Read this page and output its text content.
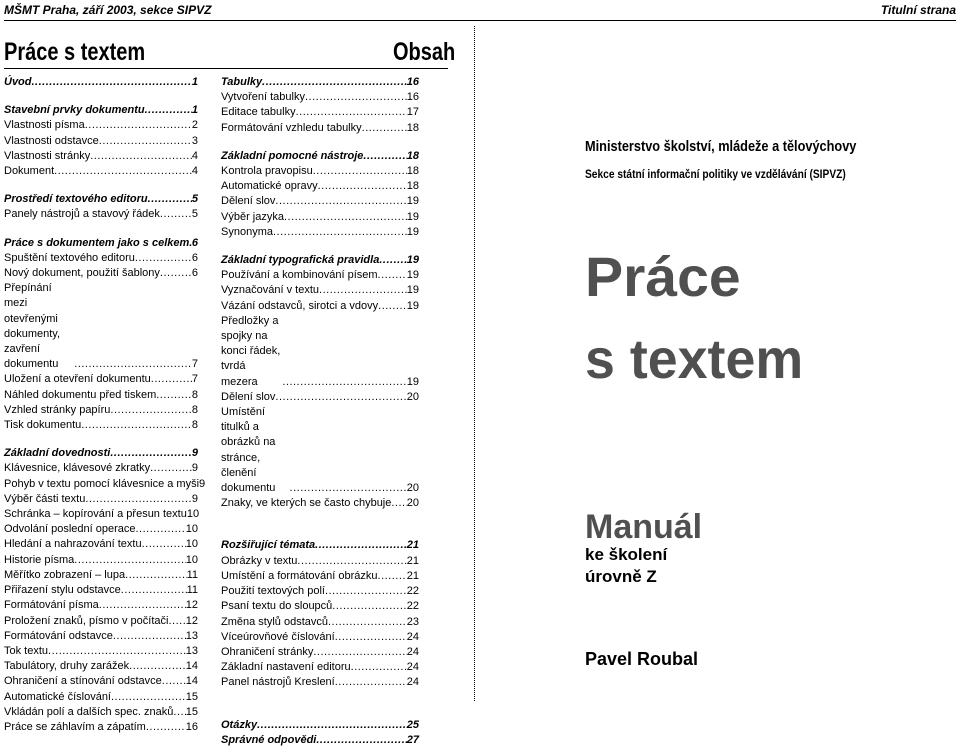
MŠMT Praha, září 2003, sekce SIPVZ	Titulní strana
Práce s textem	Obsah
Úvod .....	1
Stavební prvky dokumentu .....	1
Vlastnosti písma .....	2
Vlastnosti odstavce .....	3
Vlastnosti stránky .....	4
Dokument .....	4
Prostředí textového editoru .....	5
Panely nástrojů a stavový řádek .....	5
Práce s dokumentem jako s celkem ..... 6
Spuštění textového editoru .....	6
Nový dokument, použití šablony .....	6
Přepínání mezi otevřenými dokumenty, zavření dokumentu .....	7
Uložení a otevření dokumentu .....	7
Náhled dokumentu před tiskem .....	8
Vzhled stránky papíru .....	8
Tisk dokumentu .....	8
Základní dovednosti .....	9
Klávesnice, klávesové zkratky .....	9
Pohyb v textu pomocí klávesnice a myši 9
Výběr části textu .....	9
Schránka – kopírování a přesun textu 10
Odvolání poslední operace .....	10
Hledání a nahrazování textu .....	10
Historie písma .....	10
Měřítko zobrazení – lupa .....	11
Přiřazení stylu odstavce .....	11
Formátování písma .....	12
Proložení znaků, písmo v počítači ..... 12
Formátování odstavce .....	13
Tok textu .....	13
Tabulátory, druhy zarážek .....	14
Ohraničení a stínování odstavce ..... 14
Automatické číslování .....	15
Vkládán polí a dalších spec. znaků ..... 15
Práce se záhlavím a zápatím .....	16
Tabulky .....	16
Vytvoření tabulky .....	16
Editace tabulky .....	17
Formátování vzhledu tabulky .....	18
Základní pomocné nástroje .....	18
Kontrola pravopisu .....	18
Automatické opravy .....	18
Dělení slov .....	19
Výběr jazyka .....	19
Synonyma .....	19
Základní typografická pravidla ..... 19
Používání a kombinování písem .....	19
Vyznačování v textu .....	19
Vázání odstavců, sirotci a vdovy .....	19
Předložky a spojky na konci řádek, tvrdá mezera .....	19
Dělení slov .....	20
Umístění titulků a obrázků na stránce, členění dokumentu .....	20
Znaky, ve kterých se často chybuje ..... 20
Rozšiřující témata .....	21
Obrázky v textu .....	21
Umístění a formátování obrázku .....	21
Použití textových polí .....	22
Psaní textu do sloupců .....	22
Změna stylů odstavců .....	23
Víceúrovňové číslování .....	24
Ohraničení stránky .....	24
Základní nastavení editoru .....	24
Panel nástrojů Kreslení .....	24
Otázky .....	25
Správné odpovědi .....	27
Ministerstvo školství, mládeže a tělovýchovy
Sekce státní informační politiky ve vzdělávání (SIPVZ)
Práce
s textem
Manuál
ke školení
úrovně Z
Pavel Roubal
